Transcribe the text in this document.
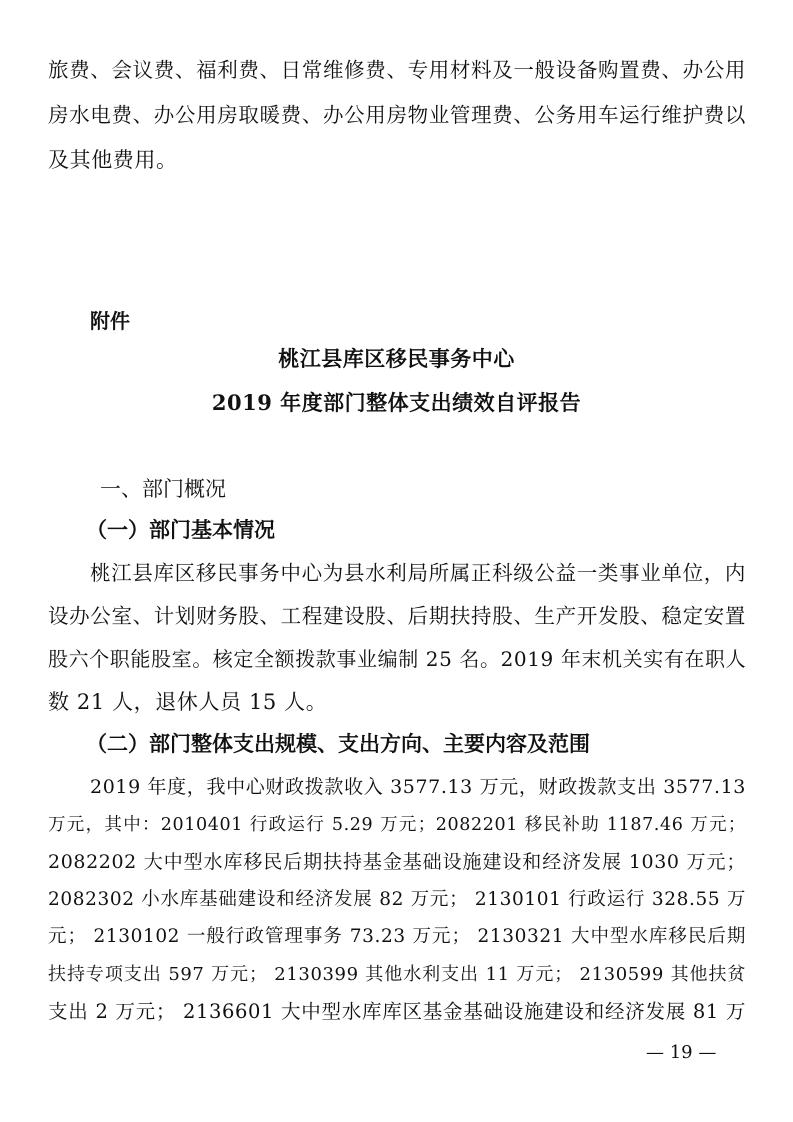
旅费、会议费、福利费、日常维修费、专用材料及一般设备购置费、办公用
房水电费、办公用房取暖费、办公用房物业管理费、公务用车运行维护费以
及其他费用。
附件
桃江县库区移民事务中心
2019 年度部门整体支出绩效自评报告
一、部门概况
（一）部门基本情况
桃江县库区移民事务中心为县水利局所属正科级公益一类事业单位，内
设办公室、计划财务股、工程建设股、后期扶持股、生产开发股、稳定安置
股六个职能股室。核定全额拨款事业编制 25 名。2019 年末机关实有在职人
数 21 人，退休人员 15 人。
（二）部门整体支出规模、支出方向、主要内容及范围
2019 年度，我中心财政拨款收入 3577.13 万元，财政拨款支出 3577.13
万元，其中：2010401 行政运行 5.29 万元；2082201 移民补助 1187.46 万元；
2082202 大中型水库移民后期扶持基金基础设施建设和经济发展 1030 万元；
2082302 小水库基础建设和经济发展 82 万元； 2130101 行政运行 328.55 万
元； 2130102 一般行政管理事务 73.23 万元； 2130321 大中型水库移民后期
扶持专项支出 597 万元； 2130399 其他水利支出 11 万元； 2130599 其他扶贫
支出 2 万元； 2136601 大中型水库库区基金基础设施建设和经济发展 81 万
— 19 —
